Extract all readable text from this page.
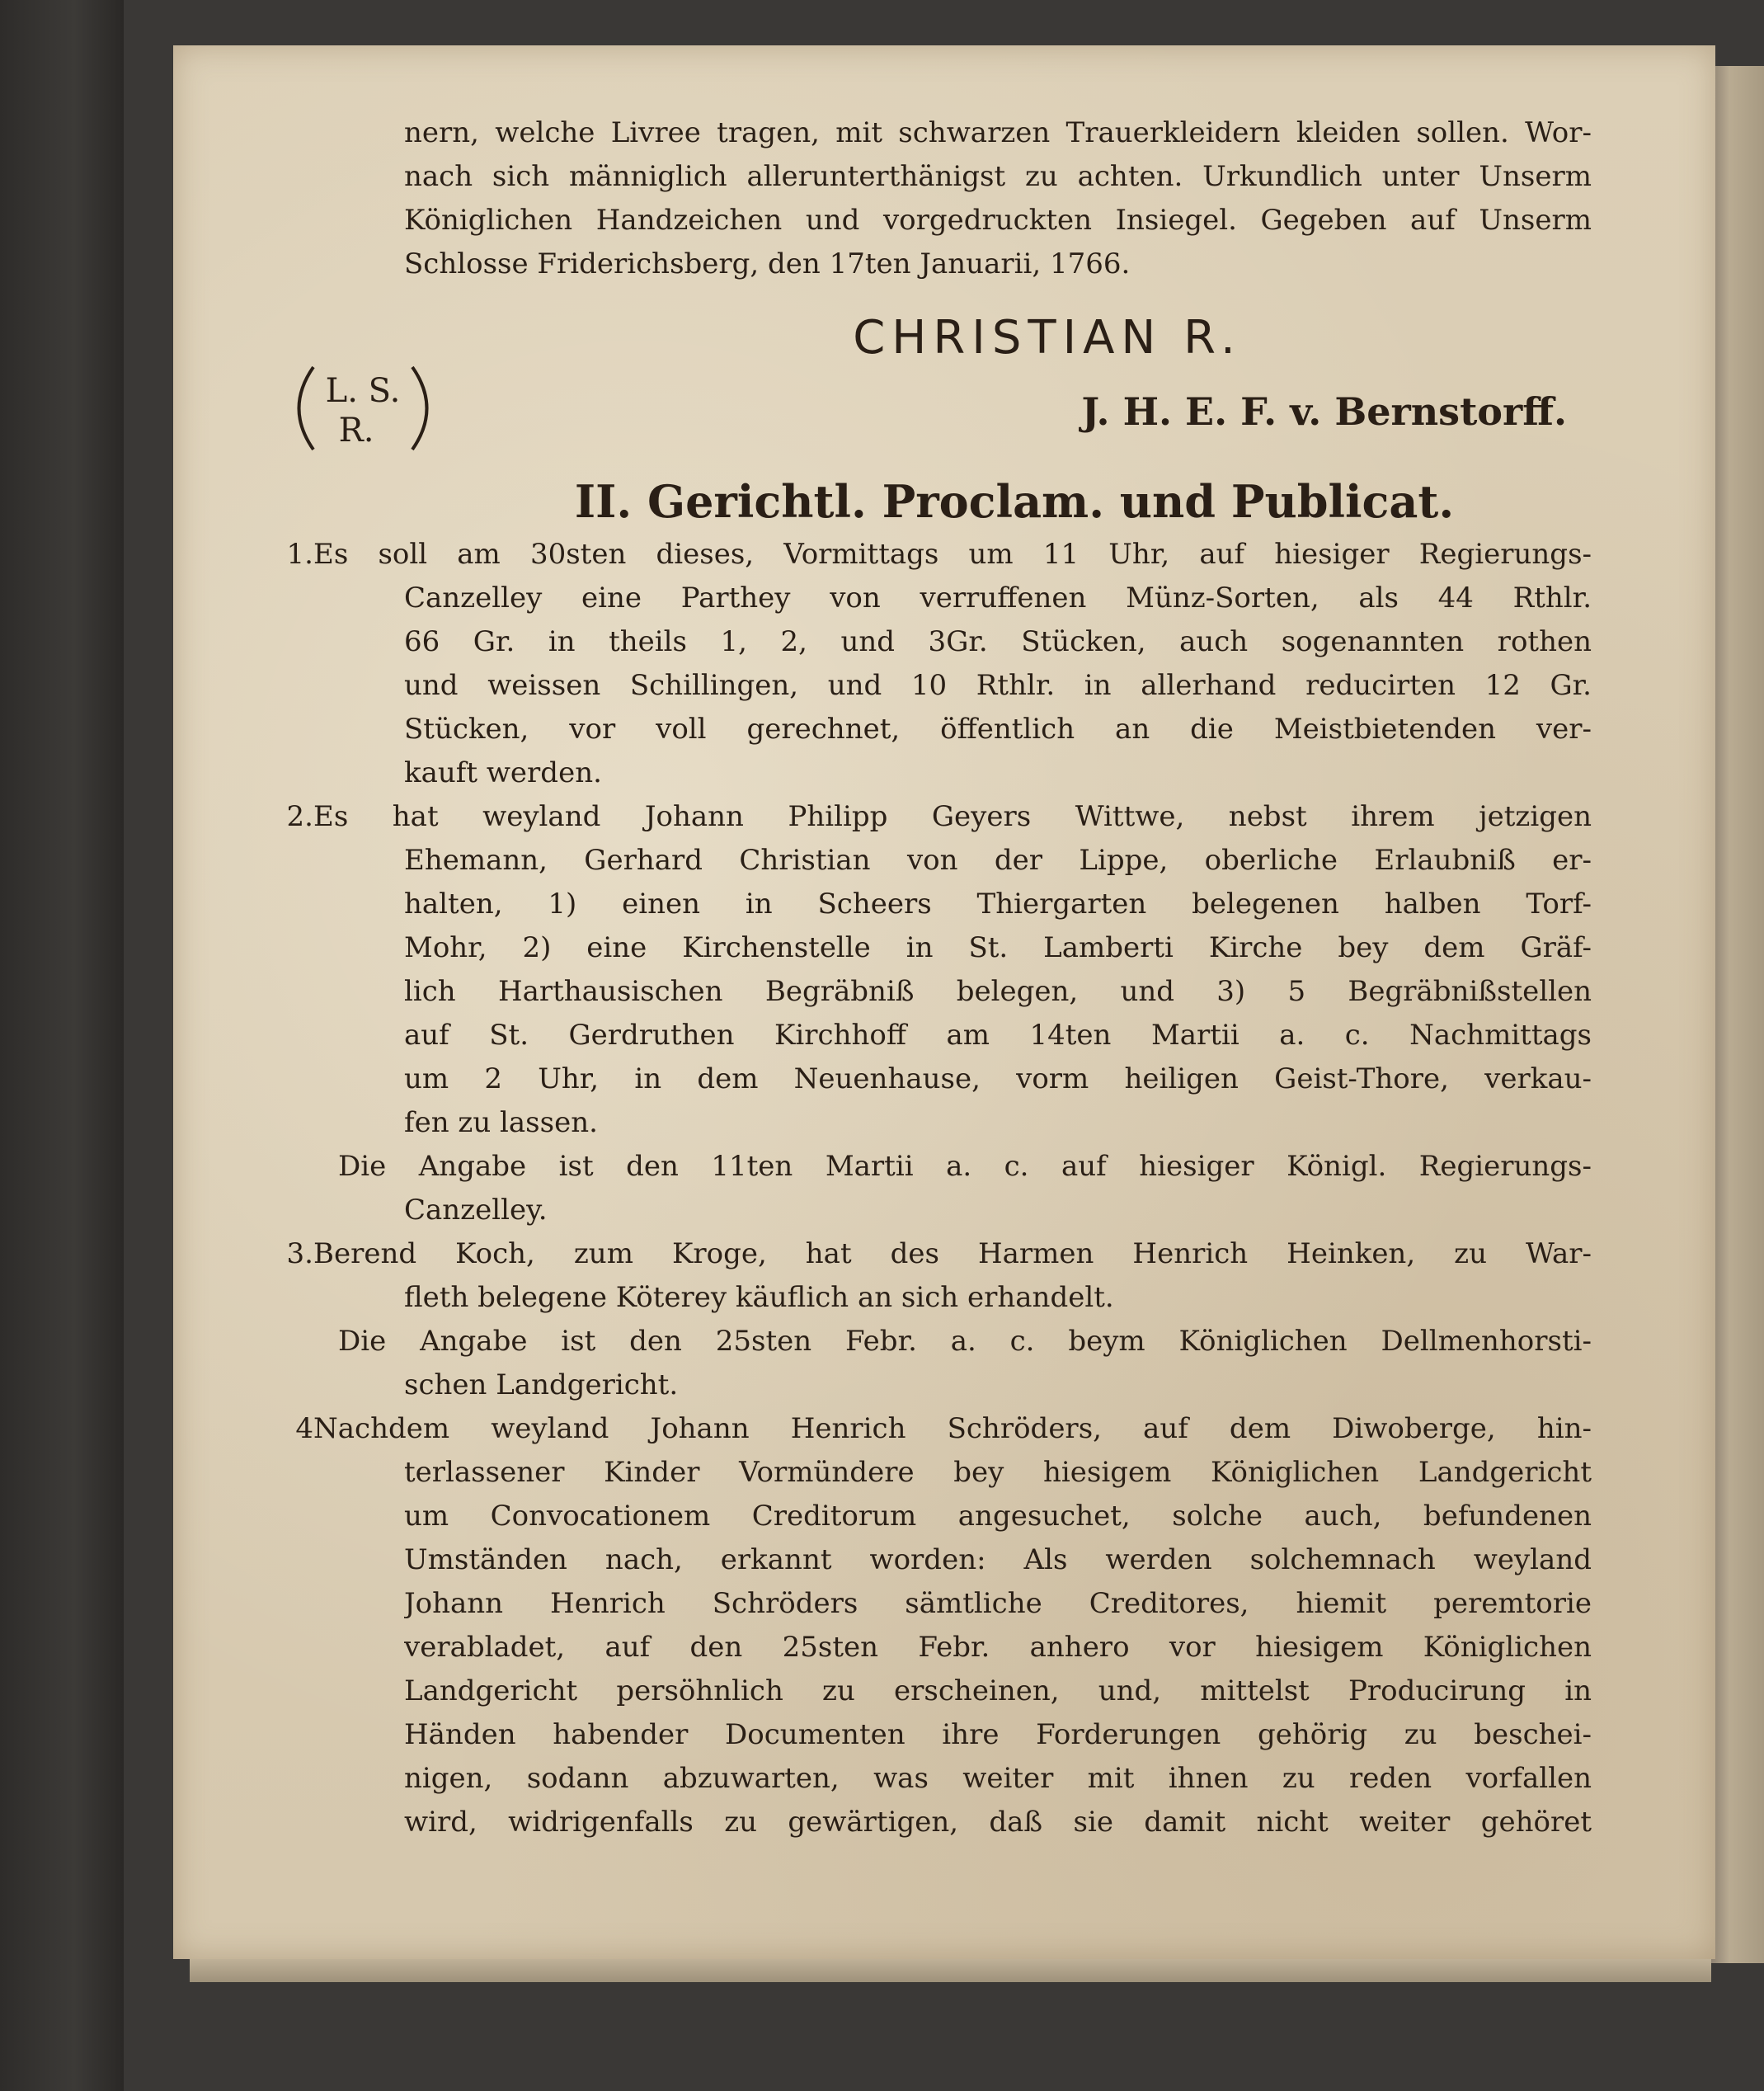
nern, welche Livree tragen, mit schwarzen Trauerkleidern kleiden sollen. Wor-
nach sich männiglich allerunterthänigst zu achten. Urkundlich unter Unserm
Königlichen Handzeichen und vorgedruckten Insiegel. Gegeben auf Unserm
Schlosse Friderichsberg, den 17ten Januarii, 1766.
CHRISTIAN R.
L. S.
R.	J. H. E. F. v. Bernstorff.
II. Gerichtl. Proclam. und Publicat.
1. Es soll am 30sten dieses, Vormittags um 11 Uhr, auf hiesiger Regierungs-
Canzelley eine Parthey von verruffenen Münz-Sorten, als 44 Rthlr.
66 Gr. in theils 1, 2, und 3Gr. Stücken, auch sogenannten rothen
und weissen Schillingen, und 10 Rthlr. in allerhand reducirten 12 Gr.
Stücken, vor voll gerechnet, öffentlich an die Meistbietenden ver-
kauft werden.
2. Es hat weyland Johann Philipp Geyers Wittwe, nebst ihrem jetzigen
Ehemann, Gerhard Christian von der Lippe, oberliche Erlaubniß er-
halten, 1) einen in Scheers Thiergarten belegenen halben Torf-
Mohr, 2) eine Kirchenstelle in St. Lamberti Kirche bey dem Gräf-
lich Harthausischen Begräbniß belegen, und 3) 5 Begräbnißstellen
auf St. Gerdruthen Kirchhoff am 14ten Martii a. c. Nachmittags
um 2 Uhr, in dem Neuenhause, vorm heiligen Geist-Thore, verkau-
fen zu lassen.
Die Angabe ist den 11ten Martii a. c. auf hiesiger Königl. Regierungs-
Canzelley.
3. Berend Koch, zum Kroge, hat des Harmen Henrich Heinken, zu War-
fleth belegene Köterey käuflich an sich erhandelt.
Die Angabe ist den 25sten Febr. a. c. beym Königlichen Dellmenhorsti-
schen Landgericht.
4 Nachdem weyland Johann Henrich Schröders, auf dem Diwoberge, hin-
terlassener Kinder Vormündere bey hiesigem Königlichen Landgericht
um Convocationem Creditorum angesuchet, solche auch, befundenen
Umständen nach, erkannt worden: Als werden solchemnach weyland
Johann Henrich Schröders sämtliche Creditores, hiemit peremtorie
verabladet, auf den 25sten Febr. anhero vor hiesigem Königlichen
Landgericht persöhnlich zu erscheinen, und, mittelst Producirung in
Händen habender Documenten ihre Forderungen gehörig zu beschei-
nigen, sodann abzuwarten, was weiter mit ihnen zu reden vorfallen
wird, widrigenfalls zu gewärtigen, daß sie damit nicht weiter gehöret
